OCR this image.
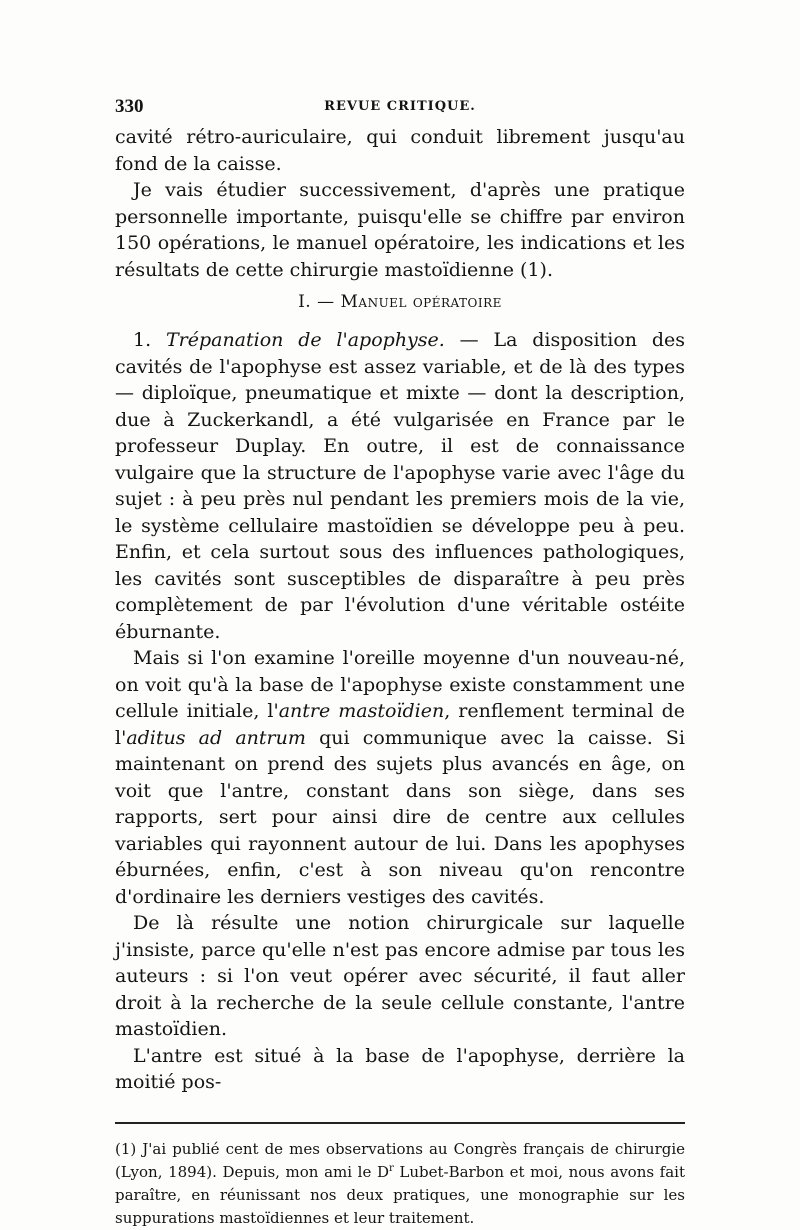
330	REVUE CRITIQUE.

cavité rétro-auriculaire, qui conduit librement jusqu'au fond de la caisse.

Je vais étudier successivement, d'après une pratique personnelle importante, puisqu'elle se chiffre par environ 150 opérations, le manuel opératoire, les indications et les résultats de cette chirurgie mastoïdienne (1).

I. — Manuel opératoire

1. Trépanation de l'apophyse. — La disposition des cavités de l'apophyse est assez variable, et de là des types — diploïque, pneumatique et mixte — dont la description, due à Zuckerkandl, a été vulgarisée en France par le professeur Duplay. En outre, il est de connaissance vulgaire que la structure de l'apophyse varie avec l'âge du sujet : à peu près nul pendant les premiers mois de la vie, le système cellulaire mastoïdien se développe peu à peu. Enfin, et cela surtout sous des influences pathologiques, les cavités sont susceptibles de disparaître à peu près complètement de par l'évolution d'une véritable ostéite éburnante.

Mais si l'on examine l'oreille moyenne d'un nouveau-né, on voit qu'à la base de l'apophyse existe constamment une cellule initiale, l'antre mastoïdien, renflement terminal de l'aditus ad antrum qui communique avec la caisse. Si maintenant on prend des sujets plus avancés en âge, on voit que l'antre, constant dans son siège, dans ses rapports, sert pour ainsi dire de centre aux cellules variables qui rayonnent autour de lui. Dans les apophyses éburnées, enfin, c'est à son niveau qu'on rencontre d'ordinaire les derniers vestiges des cavités.

De là résulte une notion chirurgicale sur laquelle j'insiste, parce qu'elle n'est pas encore admise par tous les auteurs : si l'on veut opérer avec sécurité, il faut aller droit à la recherche de la seule cellule constante, l'antre mastoïdien.

L'antre est situé à la base de l'apophyse, derrière la moitié pos-

(1) J'ai publié cent de mes observations au Congrès français de chirurgie (Lyon, 1894). Depuis, mon ami le $D^r$ Lubet-Barbon et moi, nous avons fait paraître, en réunissant nos deux pratiques, une monographie sur les suppurations mastoïdiennes et leur traitement.
